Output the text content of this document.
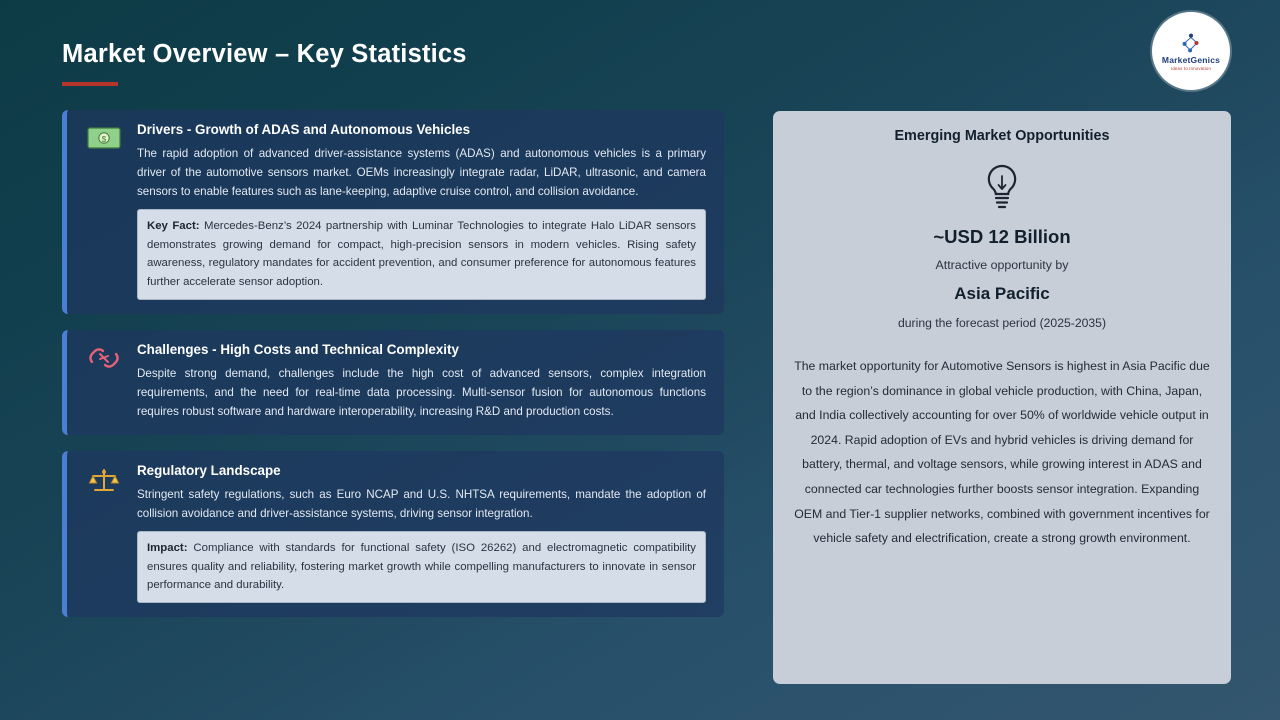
Market Overview – Key Statistics	MarketGenics
Ideas to Innovation
$
Drivers - Growth of ADAS and Autonomous Vehicles
The rapid adoption of advanced driver-assistance systems (ADAS) and autonomous vehicles is a primary driver of the automotive sensors market. OEMs increasingly integrate radar, LiDAR, ultrasonic, and camera sensors to enable features such as lane-keeping, adaptive cruise control, and collision avoidance.
Key Fact: Mercedes-Benz’s 2024 partnership with Luminar Technologies to integrate Halo LiDAR sensors demonstrates growing demand for compact, high-precision sensors in modern vehicles. Rising safety awareness, regulatory mandates for accident prevention, and consumer preference for autonomous features further accelerate sensor adoption.
Challenges - High Costs and Technical Complexity
Despite strong demand, challenges include the high cost of advanced sensors, complex integration requirements, and the need for real-time data processing. Multi-sensor fusion for autonomous functions requires robust software and hardware interoperability, increasing R&D and production costs.
Regulatory Landscape
Stringent safety regulations, such as Euro NCAP and U.S. NHTSA requirements, mandate the adoption of collision avoidance and driver-assistance systems, driving sensor integration.
Impact: Compliance with standards for functional safety (ISO 26262) and electromagnetic compatibility ensures quality and reliability, fostering market growth while compelling manufacturers to innovate in sensor performance and durability.
Emerging Market Opportunities
~USD 12 Billion
Attractive opportunity by
Asia Pacific
during the forecast period (2025-2035)
The market opportunity for Automotive Sensors is highest in Asia Pacific due to the region’s dominance in global vehicle production, with China, Japan, and India collectively accounting for over 50% of worldwide vehicle output in 2024. Rapid adoption of EVs and hybrid vehicles is driving demand for battery, thermal, and voltage sensors, while growing interest in ADAS and connected car technologies further boosts sensor integration. Expanding OEM and Tier-1 supplier networks, combined with government incentives for vehicle safety and electrification, create a strong growth environment.
